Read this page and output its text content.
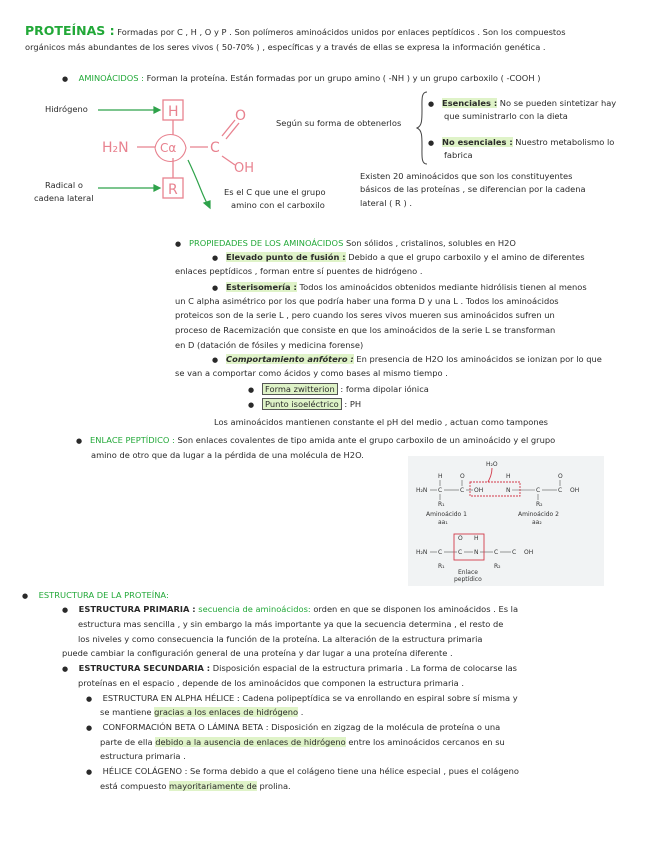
PROTEÍNAS : Formadas por C , H , O y P . Son polímeros aminoácidos unidos por enlaces peptídicos . Son los compuestos
orgánicos más abundantes de los seres vivos ( 50-70% ) , específicas y a través de ellas se expresa la información genética .
● AMINOÁCIDOS : Forman la proteína. Están formadas por un grupo amino ( -NH ) y un grupo carboxilo ( -COOH )
H
R
H₂N	Cα C
O
OH
Hidrógeno
Radical o
cadena lateral
Es el C que une el grupo
amino con el carboxilo
Según su forma de obtenerlos
● Esenciales : No se pueden sintetizar hay
que suministrarlo con la dieta
● No esenciales : Nuestro metabolismo lo
fabrica
Existen 20 aminoácidos que son los constituyentes
básicos de las proteínas , se diferencian por la cadena
lateral ( R ) .
● PROPIEDADES DE LOS AMINOÁCIDOS Son sólidos , cristalinos, solubles en H2O
● Elevado punto de fusión : Debido a que el grupo carboxilo y el amino de diferentes
enlaces peptídicos , forman entre sí puentes de hidrógeno .
● Esterisomería : Todos los aminoácidos obtenidos mediante hidrólisis tienen al menos
un C alpha asimétrico por los que podría haber una forma D y una L . Todos los aminoácidos
proteicos son de la serie L , pero cuando los seres vivos mueren sus aminoácidos sufren un
proceso de Racemización que consiste en que los aminoácidos de la serie L se transforman
en D (datación de fósiles y medicina forense)
● Comportamiento anfótero : En presencia de H2O los aminoácidos se ionizan por lo que
se van a comportar como ácidos y como bases al mismo tiempo .
● Forma zwitterion : forma dipolar iónica
● Punto isoeléctrico : PH
Los aminoácidos mantienen constante el pH del medio , actuan como tampones
● ENLACE PEPTÍDICO : Son enlaces covalentes de tipo amida ante el grupo carboxilo de un aminoácido y el grupo
amino de otro que da lugar a la pérdida de una molécula de H2O.
H₂O
H₂N C	C OH
H	O
R₁
N
H
C	C OH
R₂
O
Aminoácido 1
aa₁
Aminoácido 2
aa₂
H₂N C	C N	C C OH
R₁	R₂
O H
Enlace
peptídico
● ESTRUCTURA DE LA PROTEÍNA:
● ESTRUCTURA PRIMARIA : secuencia de aminoácidos: orden en que se disponen los aminoácidos . Es la
estructura mas sencilla , y sin embargo la más importante ya que la secuencia determina , el resto de
los niveles y como consecuencia la función de la proteína. La alteración de la estructura primaria
puede cambiar la configuración general de una proteína y dar lugar a una proteína diferente .
● ESTRUCTURA SECUNDARIA : Disposición espacial de la estructura primaria . La forma de colocarse las
proteínas en el espacio , depende de los aminoácidos que componen la estructura primaria .
● ESTRUCTURA EN ALPHA HÉLICE : Cadena polipeptídica se va enrollando en espiral sobre sí misma y
se mantiene gracias a los enlaces de hidrógeno .
● CONFORMACIÓN BETA O LÁMINA BETA : Disposición en zigzag de la molécula de proteína o una
parte de ella debido a la ausencia de enlaces de hidrógeno entre los aminoácidos cercanos en su
estructura primaria .
● HÉLICE COLÁGENO : Se forma debido a que el colágeno tiene una hélice especial , pues el colágeno
está compuesto mayoritariamente de prolina.
